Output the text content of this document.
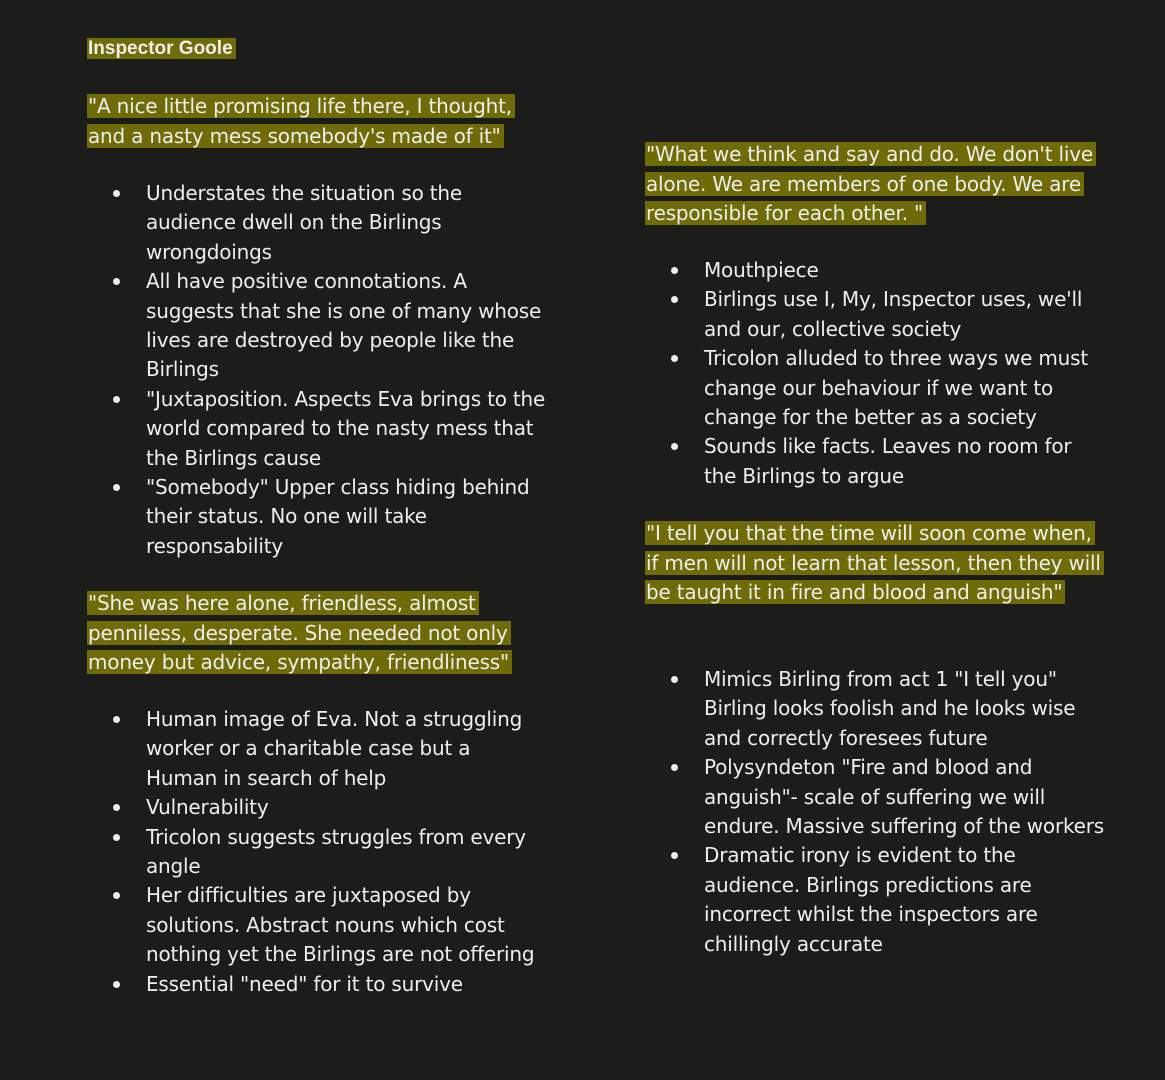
Inspector Goole
"A nice little promising life there, I thought, and a nasty mess somebody's made of it"
Understates the situation so the audience dwell on the Birlings wrongdoings
All have positive connotations. A suggests that she is one of many whose lives are destroyed by people like the Birlings
"Juxtaposition. Aspects Eva brings to the world compared to the nasty mess that the Birlings cause
"Somebody" Upper class hiding behind their status. No one will take responsability
"She was here alone, friendless, almost penniless, desperate. She needed not only money but advice, sympathy, friendliness"
Human image of Eva. Not a struggling worker or a charitable case but a Human in search of help
Vulnerability
Tricolon suggests struggles from every angle
Her difficulties are juxtaposed by solutions. Abstract nouns which cost nothing yet the Birlings are not offering
Essential "need" for it to survive
"What we think and say and do. We don't live alone. We are members of one body. We are responsible for each other. "
Mouthpiece
Birlings use I, My, Inspector uses, we'll and our, collective society
Tricolon alluded to three ways we must change our behaviour if we want to change for the better as a society
Sounds like facts. Leaves no room for the Birlings to argue
"I tell you that the time will soon come when, if men will not learn that lesson, then they will be taught it in fire and blood and anguish"
Mimics Birling from act 1 "I tell you" Birling looks foolish and he looks wise and correctly foresees future
Polysyndeton "Fire and blood and anguish"- scale of suffering we will endure. Massive suffering of the workers
Dramatic irony is evident to the audience. Birlings predictions are incorrect whilst the inspectors are chillingly accurate
